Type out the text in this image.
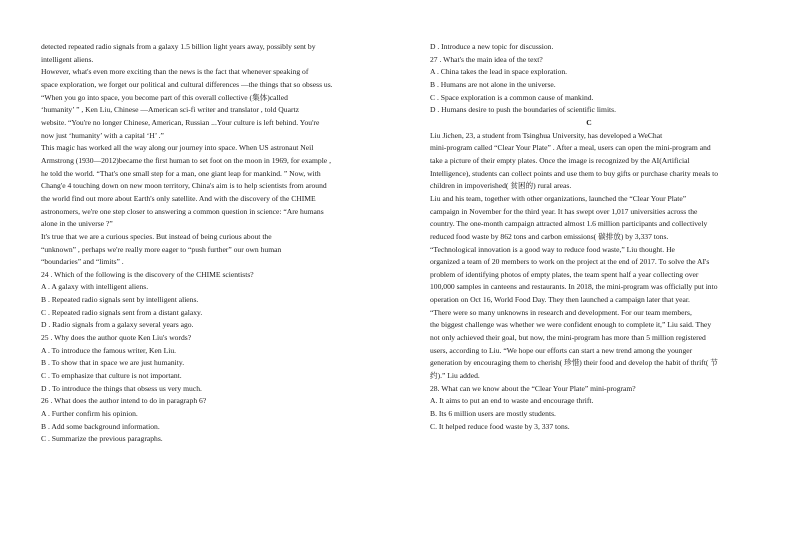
detected repeated radio signals from a galaxy 1.5 billion light years away, possibly sent by

intelligent aliens.

However, what's even more exciting than the news is the fact that whenever speaking of

space exploration, we forget our political and cultural differences —the things that so obsess us.

“When you go into space, you become part of this overall collective (集体)called

‘humanity’ ” , Ken Liu, Chinese —American sci-fi writer and translator , told Quartz

website. “You're no longer Chinese, American, Russian ...Your culture is left behind. You're

now just ‘humanity’ with a capital ‘H’ .”

This magic has worked all the way along our journey into space. When US astronaut Neil

Armstrong (1930—2012)became the first human to set foot on the moon in 1969, for example ,

he told the world. “That's one small step for a man, one giant leap for mankind. ” Now, with

Chang'e 4 touching down on new moon territory, China's aim is to help scientists from around

the world find out more about Earth's only satellite. And with the discovery of the CHIME

astronomers, we're one step closer to answering a common question in science: “Are humans

alone in the universe ?”

It's true that we are a curious species. But instead of being curious about the

“unknown” , perhaps we're really more eager to “push further” our own human

“boundaries” and “limits” .

24 . Which of the following is the discovery of the CHIME scientists?

A . A galaxy with intelligent aliens.

B . Repeated radio signals sent by intelligent aliens.

C . Repeated radio signals sent from a distant galaxy.

D . Radio signals from a galaxy several years ago.

25 . Why does the author quote Ken Liu's words?

A . To introduce the famous writer, Ken Liu.

B . To show that in space we are just humanity.

C . To emphasize that culture is not important.

D . To introduce the things that obsess us very much.

26 . What does the author intend to do in paragraph 6?

A . Further confirm his opinion.

B . Add some background information.

C . Summarize the previous paragraphs.

D . Introduce a new topic for discussion.

27 . What's the main idea of the text?

A . China takes the lead in space exploration.

B . Humans are not alone in the universe.

C . Space exploration is a common cause of mankind.

D . Humans desire to push the boundaries of scientific limits.

C

Liu Jichen, 23, a student from Tsinghua University, has developed a WeChat

mini-program called “Clear Your Plate” . After a meal, users can open the mini-program and

take a picture of their empty plates. Once the image is recognized by the AI(Artificial

Intelligence), students can collect points and use them to buy gifts or purchase charity meals to

children in impoverished( 贫困的) rural areas.

Liu and his team, together with other organizations, launched the “Clear Your Plate”

campaign in November for the third year. It has swept over 1,017 universities across the

country. The one-month campaign attracted almost 1.6 million participants and collectively

reduced food waste by 862 tons and carbon emissions( 碳排放) by 3,337 tons.

“Technological innovation is a good way to reduce food waste,” Liu thought. He

organized a team of 20 members to work on the project at the end of 2017. To solve the AI's

problem of identifying photos of empty plates, the team spent half a year collecting over

100,000 samples in canteens and restaurants. In 2018, the mini-program was officially put into

operation on Oct 16, World Food Day. They then launched a campaign later that year.

“There were so many unknowns in research and development. For our team members,

the biggest challenge was whether we were confident enough to complete it,” Liu said. They

not only achieved their goal, but now, the mini-program has more than 5 million registered

users, according to Liu. “We hope our efforts can start a new trend among the younger

generation by encouraging them to cherish( 珍惜) their food and develop the habit of thrift( 节

约).” Liu added.

28. What can we know about the “Clear Your Plate” mini-program?

A. It aims to put an end to waste and encourage thrift.

B. Its 6 million users are mostly students.

C. It helped reduce food waste by 3, 337 tons.
